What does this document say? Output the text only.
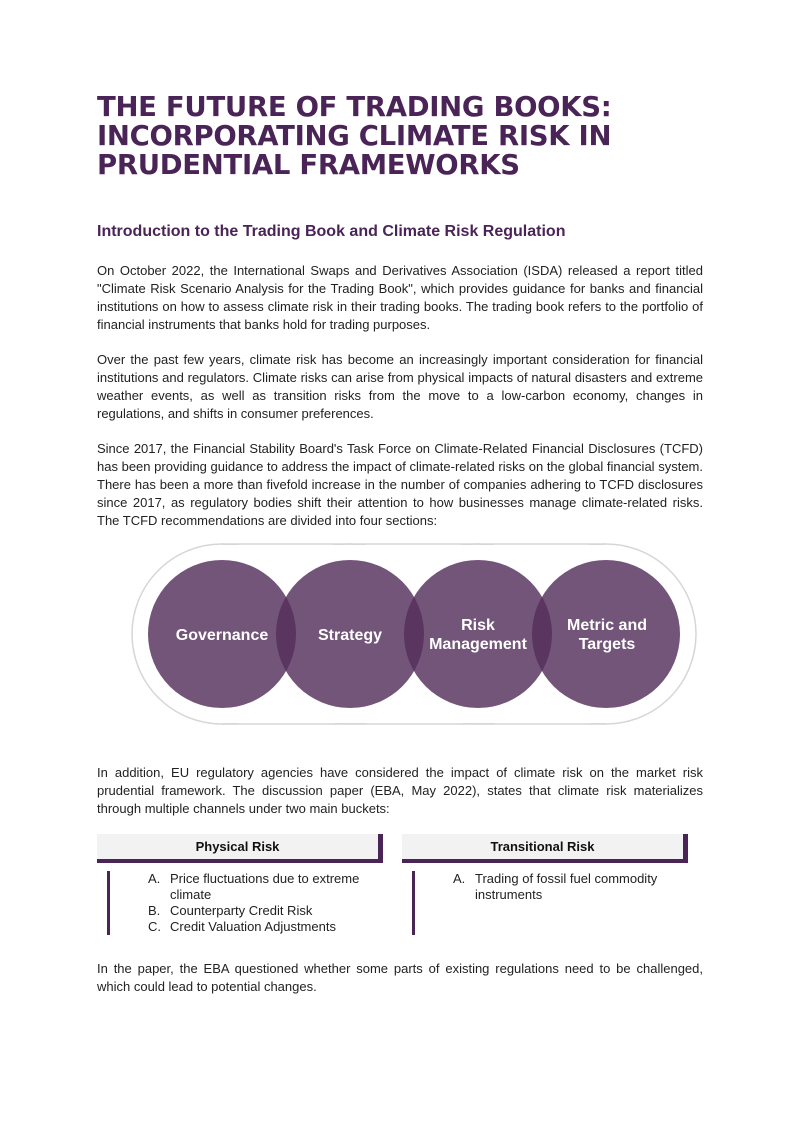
THE FUTURE OF TRADING BOOKS:
INCORPORATING CLIMATE RISK IN
PRUDENTIAL FRAMEWORKS
Introduction to the Trading Book and Climate Risk Regulation

On October 2022, the International Swaps and Derivatives Association (ISDA) released a report titled "Climate Risk Scenario Analysis for the Trading Book", which provides guidance for banks and financial institutions on how to assess climate risk in their trading books. The trading book refers to the portfolio of financial instruments that banks hold for trading purposes.

Over the past few years, climate risk has become an increasingly important consideration for financial institutions and regulators. Climate risks can arise from physical impacts of natural disasters and extreme weather events, as well as transition risks from the move to a low-carbon economy, changes in regulations, and shifts in consumer preferences.

Since 2017, the Financial Stability Board's Task Force on Climate-Related Financial Disclosures (TCFD) has been providing guidance to address the impact of climate-related risks on the global financial system. There has been a more than fivefold increase in the number of companies adhering to TCFD disclosures since 2017, as regulatory bodies shift their attention to how businesses manage climate-related risks. The TCFD recommendations are divided into four sections:

In addition, EU regulatory agencies have considered the impact of climate risk on the market risk prudential framework. The discussion paper (EBA, May 2022), states that climate risk materializes through multiple channels under two main buckets:

In the paper, the EBA questioned whether some parts of existing regulations need to be challenged, which could lead to potential changes.

Governance	Strategy
Risk
Management
Metric and
Targets
Physical Risk
A. Price fluctuations due to extreme climate
B. Counterparty Credit Risk
C. Credit Valuation Adjustments
Transitional Risk
A. Trading of fossil fuel commodity instruments
